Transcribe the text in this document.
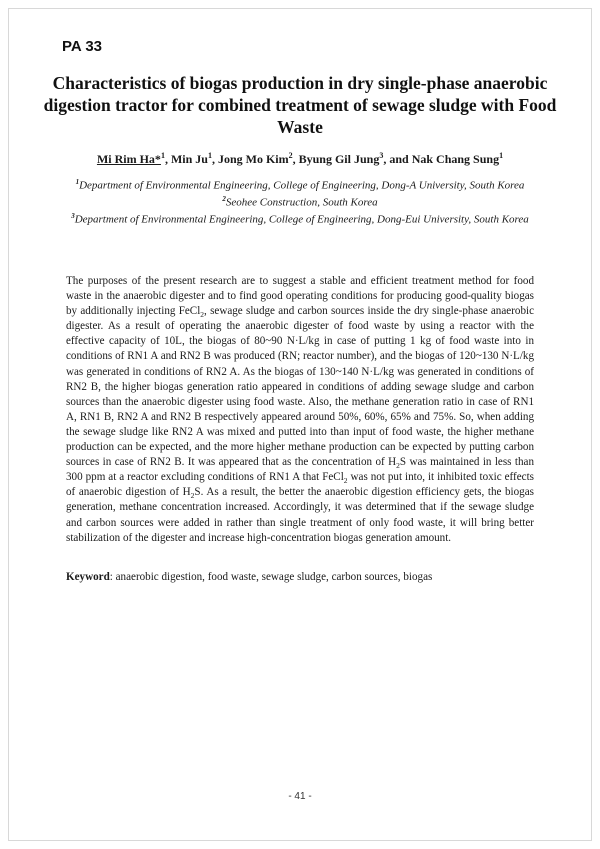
PA 33
Characteristics of biogas production in dry single-phase anaerobic digestion tractor for combined treatment of sewage sludge with Food Waste
Mi Rim Ha*$^1$, Min Ju$^1$, Jong Mo Kim$^2$, Byung Gil Jung$^3$, and Nak Chang Sung$^1$
$^1$Department of Environmental Engineering, College of Engineering, Dong-A University, South Korea
$^2$Seohee Construction, South Korea
$^3$Department of Environmental Engineering, College of Engineering, Dong-Eui University, South Korea

The purposes of the present research are to suggest a stable and efficient treatment method for food waste in the anaerobic digester and to find good operating conditions for producing good-quality biogas by additionally injecting FeCl$_2$, sewage sludge and carbon sources inside the dry single-phase anaerobic digester. As a result of operating the anaerobic digester of food waste by using a reactor with the effective capacity of 10L, the biogas of 80~90 N·L/kg in case of putting 1 kg of food waste into in conditions of RN1 A and RN2 B was produced (RN; reactor number), and the biogas of 120~130 N·L/kg was generated in conditions of RN2 A. As the biogas of 130~140 N·L/kg was generated in conditions of RN2 B, the higher biogas generation ratio appeared in conditions of adding sewage sludge and carbon sources than the anaerobic digester using food waste. Also, the methane generation ratio in case of RN1 A, RN1 B, RN2 A and RN2 B respectively appeared around 50%, 60%, 65% and 75%. So, when adding the sewage sludge like RN2 A was mixed and putted into than input of food waste, the higher methane production can be expected, and the more higher methane production can be expected by putting carbon sources in case of RN2 B. It was appeared that as the concentration of $H_2S$ was maintained in less than 300 ppm at a reactor excluding conditions of RN1 A that FeCl$_2$ was not put into, it inhibited toxic effects of anaerobic digestion of $H_2S$. As a result, the better the anaerobic digestion efficiency gets, the biogas generation, methane concentration increased. Accordingly, it was determined that if the sewage sludge and carbon sources were added in rather than single treatment of only food waste, it will bring better stabilization of the digester and increase high-concentration biogas generation amount.

Keyword: anaerobic digestion, food waste, sewage sludge, carbon sources, biogas
- 41 -
